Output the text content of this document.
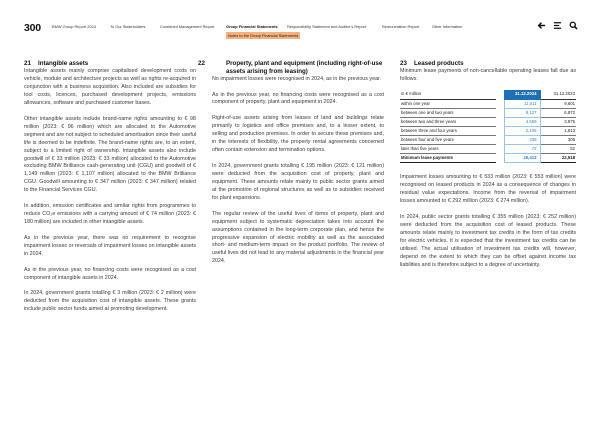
300	BMW Group Report 2024	To Our Stakeholders	Combined Management Report	Group Financial Statements Responsibility Statement and Auditor's Report	Remuneration Report	Other Information
Notes to the Group Financial Statements
21 Intangible assets

Intangible assets mainly comprise capitalised development costs on vehicle, module and architecture projects as well as rights re-acquired in conjunction with a business acquisition. Also included are subsidies for tool costs, licences, purchased development projects, emissions allowances, software and purchased customer bases.

Other intangible assets include brand-name rights amounting to € 98 million (2023: € 96 million) which are allocated to the Automotive segment and are not subject to scheduled amortisation since their useful life is deemed to be indefinite. The brand-name rights are, to an extent, subject to a limited right of ownership. Intangible assets also include goodwill of € 33 million (2023: € 33 million) allocated to the Automotive excluding BMW Brilliance cash-generating unit (CGU) and goodwill of € 1,149 million (2023: € 1,107 million) allocated to the BMW Brilliance CGU. Goodwill amounting to € 347 million (2023: € 347 million) related to the Financial Services CGU.

In addition, emission certificates and similar rights from programmes to reduce CO₂e emissions with a carrying amount of € 74 million (2023: € 180 million) are included in other intangible assets.

As in the previous year, there was no requirement to recognise impairment losses or reversals of impairment losses on intangible assets in 2024.

As in the previous year, no financing costs were recognised as a cost component of intangible assets in 2024.

In 2024, government grants totalling € 3 million (2023: € 2 million) were deducted from the acquisition cost of intangible assets. These grants include public sector funds aimed at promoting development.

22	Property, plant and equipment (including right-of-use assets arising from leasing)

No impairment losses were recognised in 2024, as in the previous year.

As in the previous year, no financing costs were recognised as a cost component of property, plant and equipment in 2024.

Right-of-use assets arising from leases of land and buildings relate primarily to logistics and office premises and, to a lesser extent, to selling and production premises. In order to secure these premises and, in the interests of flexibility, the property rental agreements concerned often contain extension and termination options.

In 2024, government grants totalling € 195 million (2023: € 121 million) were deducted from the acquisition cost of property, plant and equipment. These amounts relate mainly to public sector grants aimed at the promotion of regional structures as well as to subsidies received for plant expansions.

The regular review of the useful lives of items of property, plant and equipment subject to systematic depreciation takes into account the assumptions contained in the long-term corporate plan, and hence the progressive expansion of electric mobility as well as the associated short- and medium-term impact on the product portfolio. The review of useful lives did not lead to any material adjustments in the financial year 2024.

23 Leased products

Minimum lease payments of non-cancellable operating leases fall due as follows:

in € million		31.12.2024	31.12.2023
within one year		11,011	9,601
between one and two years		8,127	6,872
between two and three years		4,659	3,875
between three and four years		2,105	1,813
between four and five years		439	305
later than five years		72	52
Minimum lease payments		26,413	22,518

Impairment losses amounting to € 533 million (2023: € 553 million) were recognised on leased products in 2024 as a consequence of changes in residual value expectations. Income from the reversal of impairment losses amounted to € 292 million (2023: € 274 million).

In 2024, public sector grants totalling € 355 million (2023: € 252 million) were deducted from the acquisition cost of leased products. These amounts relate mainly to investment tax credits in the form of tax credits for electric vehicles. It is expected that the investment tax credits can be utilised. The actual utilisation of investment tax credits will, however, depend on the extent to which they can be offset against income tax liabilities and is therefore subject to a degree of uncertainty.
